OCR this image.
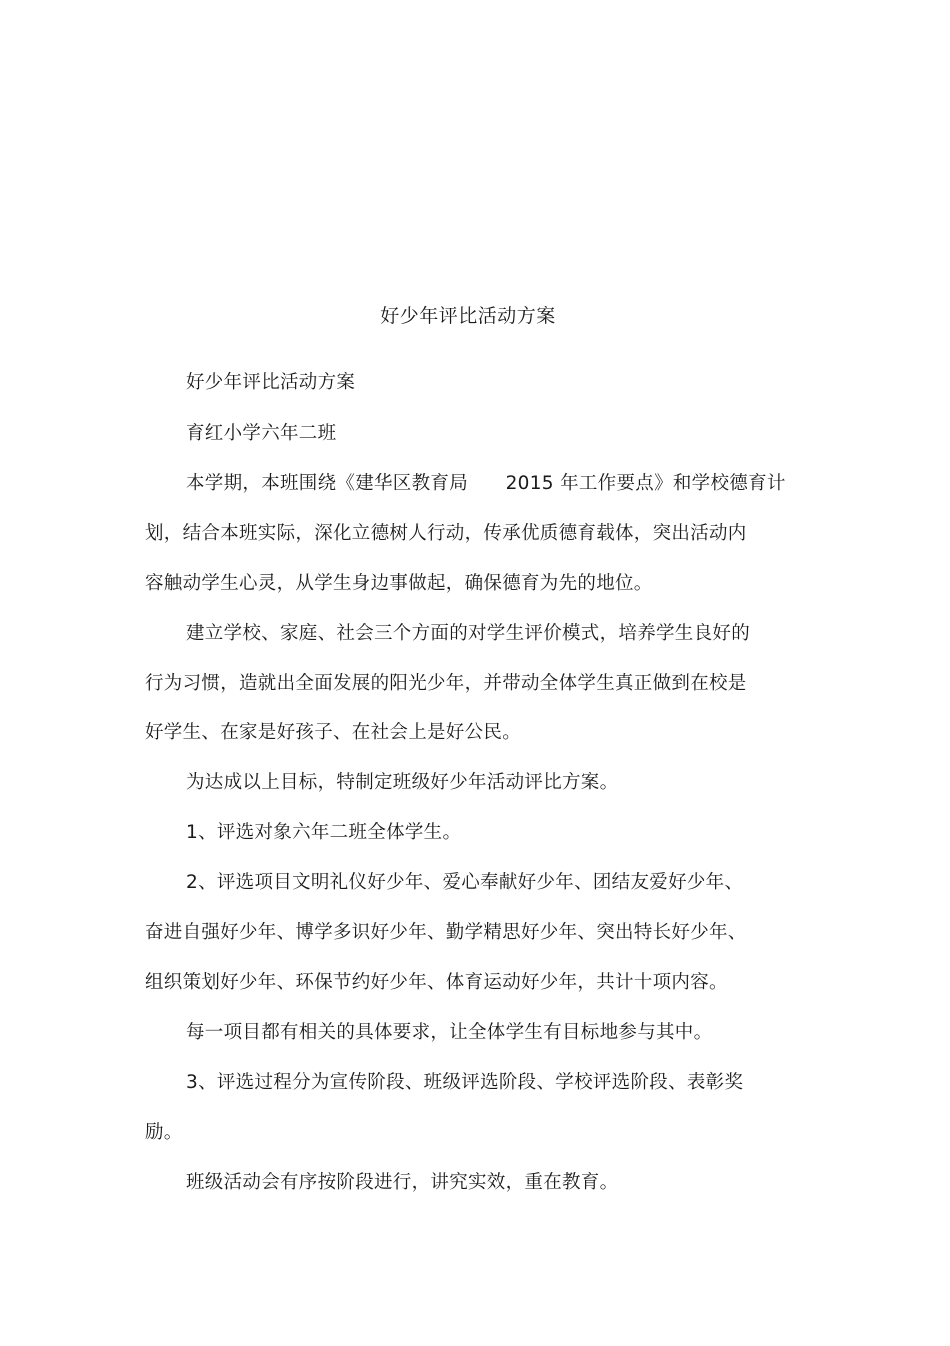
好少年评比活动方案
好少年评比活动方案
育红小学六年二班
本学期，本班围绕《建华区教育局　　2015 年工作要点》和学校德育计
划，结合本班实际，深化立德树人行动，传承优质德育载体，突出活动内
容触动学生心灵，从学生身边事做起，确保德育为先的地位。
建立学校、家庭、社会三个方面的对学生评价模式，培养学生良好的
行为习惯，造就出全面发展的阳光少年，并带动全体学生真正做到在校是
好学生、在家是好孩子、在社会上是好公民。
为达成以上目标，特制定班级好少年活动评比方案。
1、评选对象六年二班全体学生。
2、评选项目文明礼仪好少年、爱心奉献好少年、团结友爱好少年、
奋进自强好少年、博学多识好少年、勤学精思好少年、突出特长好少年、
组织策划好少年、环保节约好少年、体育运动好少年，共计十项内容。
每一项目都有相关的具体要求，让全体学生有目标地参与其中。
3、评选过程分为宣传阶段、班级评选阶段、学校评选阶段、表彰奖
励。
班级活动会有序按阶段进行，讲究实效，重在教育。
